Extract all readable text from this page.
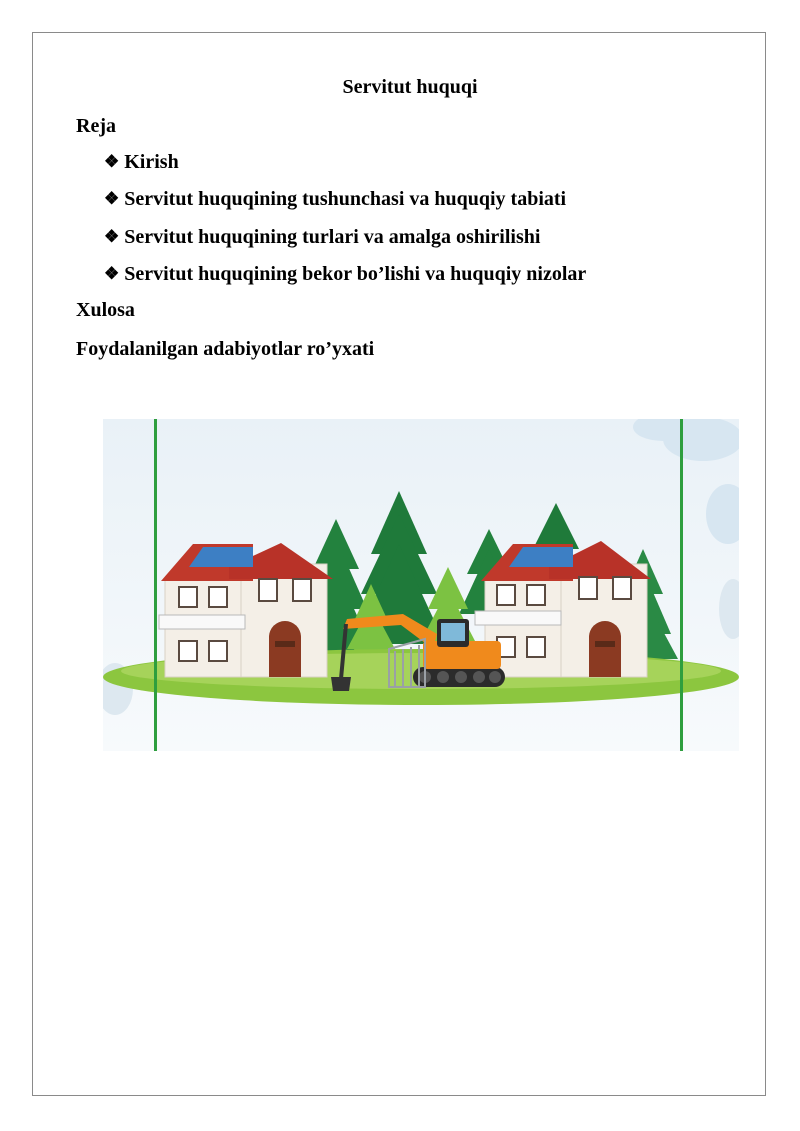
Servitut huquqi
Reja
❖ Kirish
❖ Servitut huquqining tushunchasi va huquqiy tabiati
❖ Servitut huquqining turlari va amalga oshirilishi
❖ Servitut huquqining bekor bo’lishi va huquqiy nizolar
Xulosa
Foydalanilgan adabiyotlar ro’yxati
